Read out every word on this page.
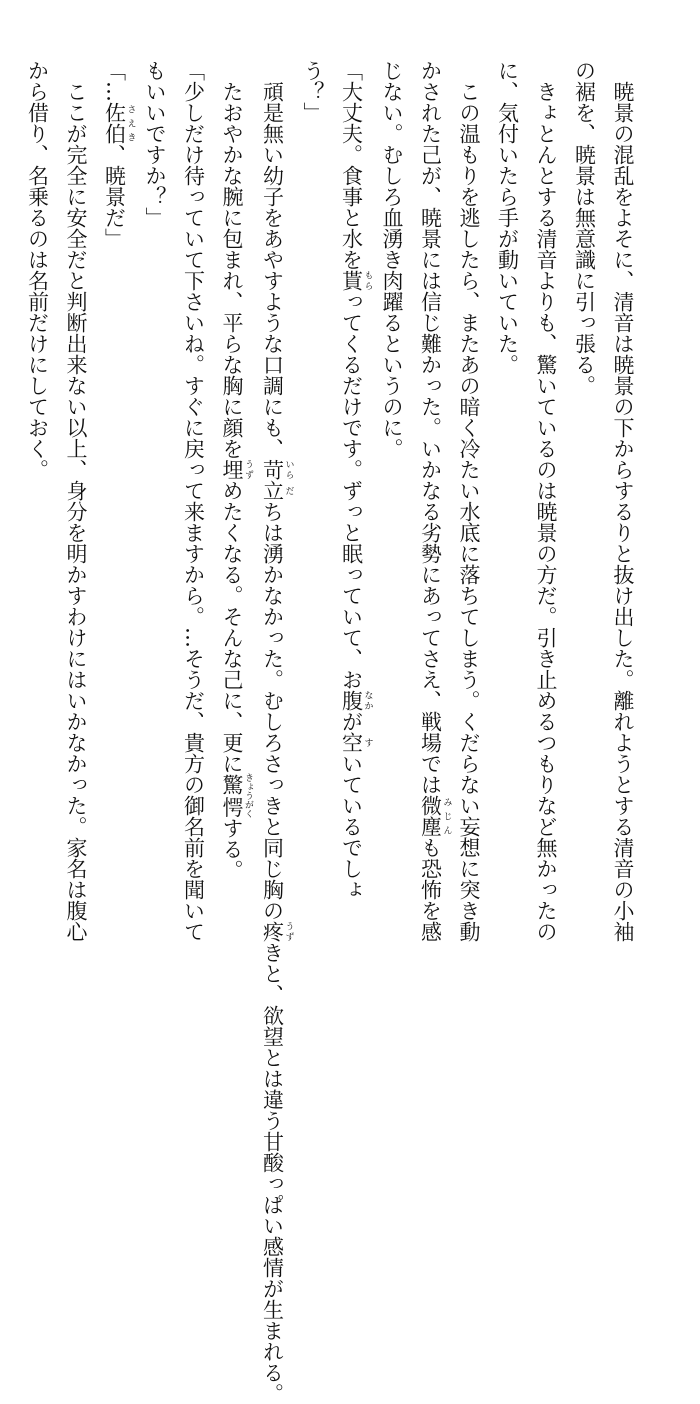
　暁景の混乱をよそに、清音は暁景の下からするりと抜け出した。離れようとする清音の小袖
の裾を、暁景は無意識に引っ張る。

　きょとんとする清音よりも、驚いているのは暁景の方だ。引き止めるつもりなど無かったの
に、気付いたら手が動いていた。

　この温もりを逃したら、またあの暗く冷たい水底に落ちてしまう。くだらない妄想に突き動
かされた己が、暁景には信じ難かった。いかなる劣勢にあってさえ、戦場では微塵 みじんも恐怖を感
じない。むしろ血湧き肉躍るというのに。

「大丈夫。食事と水を貰 もらってくるだけです。ずっと眠っていて、お腹 なかが空 すいているでしょ
う？」

　頑是無い幼子をあやすような口調にも、苛 いら立 だちは湧かなかった。むしろさっきと同じ胸の疼 うずきと、欲望とは違う甘酸っぱい感情が生まれる。

　たおやかな腕に包まれ、平らな胸に顔を埋 うずめたくなる。そんな己に、更に驚愕 きょうがくする。

「少しだけ待っていて下さいね。すぐに戻って来ますから。…そうだ、貴方の御名前を聞いて
もいいですか？」

「…佐伯 さえき、暁景だ」

　ここが完全に安全だと判断出来ない以上、身分を明かすわけにはいかなかった。家名は腹心
から借り、名乗るのは名前だけにしておく。
